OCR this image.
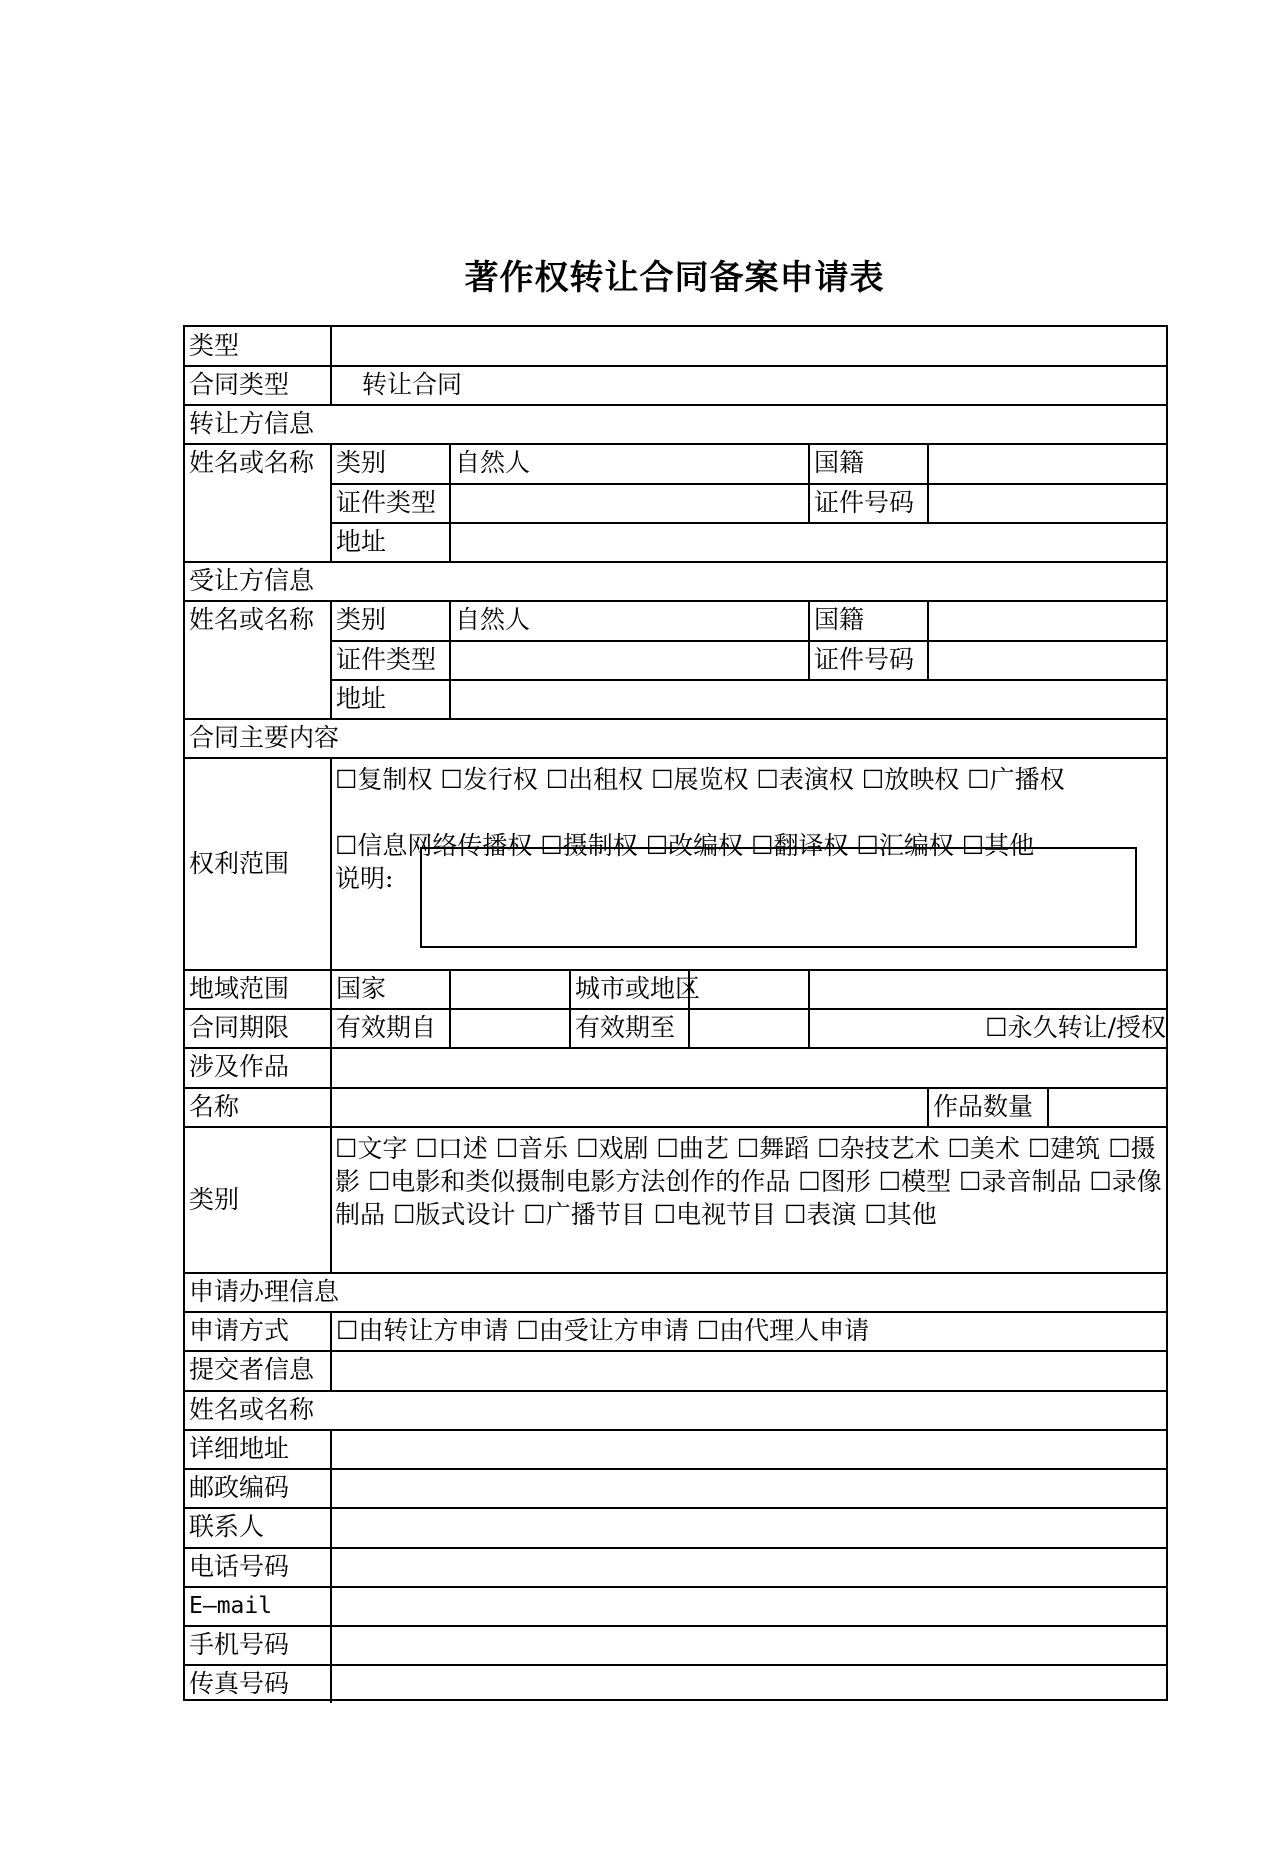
著作权转让合同备案申请表
类型
合同类型	转让合同
转让方信息
姓名或名称 类别	自然人	国籍
证件类型	证件号码
地址
受让方信息
姓名或名称 类别	自然人	国籍
证件类型	证件号码
地址
合同主要内容
权利范围
☐复制权 ☐发行权 ☐出租权 ☐展览权 ☐表演权 ☐放映权 ☐广播权
☐信息网络传播权 ☐摄制权 ☐改编权 ☐翻译权 ☐汇编权 ☐其他
说明:
地域范围	国家	城市或地区
合同期限	有效期自	有效期至	☐永久转让/授权
涉及作品
名称	作品数量
类别
☐文字 ☐口述 ☐音乐 ☐戏剧 ☐曲艺 ☐舞蹈 ☐杂技艺术 ☐美术 ☐建筑 ☐摄影 ☐电影和类似摄制电影方法创作的作品 ☐图形 ☐模型 ☐录音制品 ☐录像制品 ☐版式设计 ☐广播节目 ☐电视节目 ☐表演 ☐其他
申请办理信息
申请方式	☐由转让方申请 ☐由受让方申请 ☐由代理人申请
提交者信息
姓名或名称
详细地址
邮政编码
联系人
电话号码
E—mail
手机号码
传真号码
